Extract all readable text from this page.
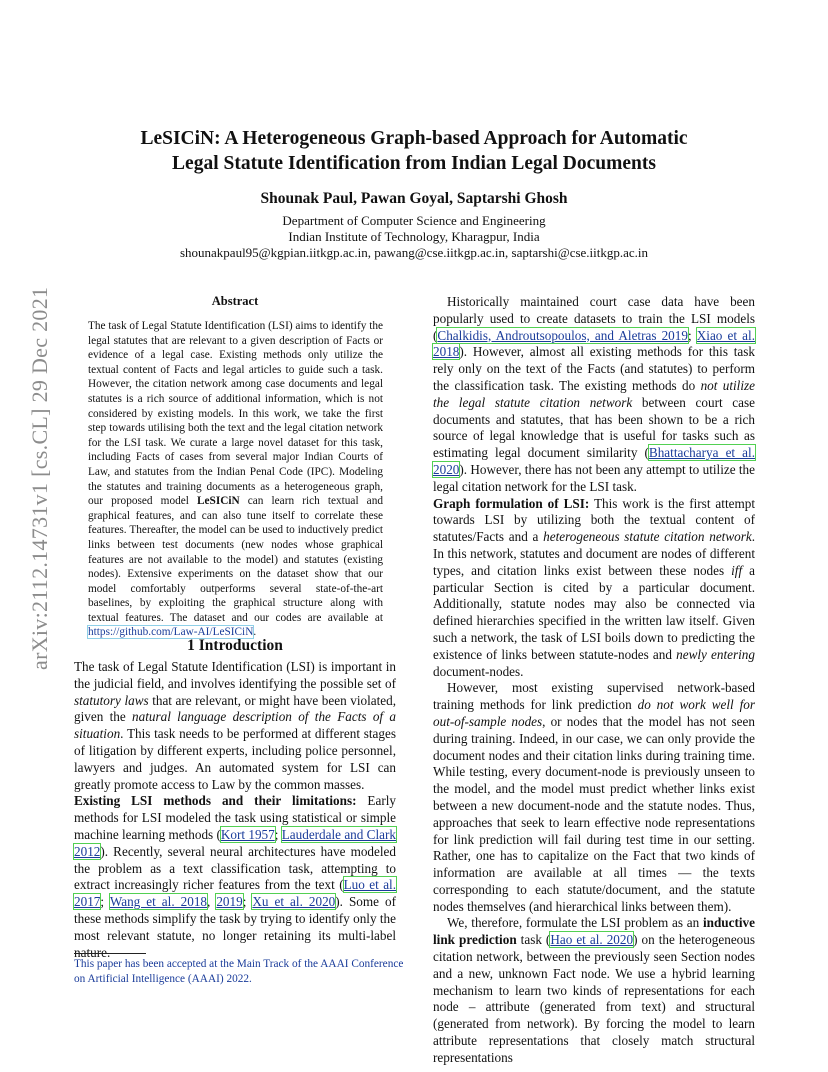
LeSICiN: A Heterogeneous Graph-based Approach for Automatic
Legal Statute Identification from Indian Legal Documents

Shounak Paul, Pawan Goyal, Saptarshi Ghosh

Department of Computer Science and Engineering
Indian Institute of Technology, Kharagpur, India
shounakpaul95@kgpian.iitkgp.ac.in, pawang@cse.iitkgp.ac.in, saptarshi@cse.iitkgp.ac.in
arXiv:2112.14731v1 [cs.CL] 29 Dec 2021	Abstract

The task of Legal Statute Identification (LSI) aims to identify the legal statutes that are relevant to a given description of Facts or evidence of a legal case. Existing methods only utilize the textual content of Facts and legal articles to guide such a task. However, the citation network among case documents and legal statutes is a rich source of additional information, which is not considered by existing models. In this work, we take the first step towards utilising both the text and the legal citation network for the LSI task. We curate a large novel dataset for this task, including Facts of cases from several major Indian Courts of Law, and statutes from the Indian Penal Code (IPC). Modeling the statutes and training documents as a heterogeneous graph, our proposed model LeSICiN can learn rich textual and graphical features, and can also tune itself to correlate these features. Thereafter, the model can be used to inductively predict links between test documents (new nodes whose graphical features are not available to the model) and statutes (existing nodes). Extensive experiments on the dataset show that our model comfortably outperforms several state-of-the-art baselines, by exploiting the graphical structure along with textual features. The dataset and our codes are available at https://github.com/Law-AI/LeSICiN.

1 Introduction

The task of Legal Statute Identification (LSI) is important in the judicial field, and involves identifying the possible set of statutory laws that are relevant, or might have been violated, given the natural language description of the Facts of a situation. This task needs to be performed at different stages of litigation by different experts, including police personnel, lawyers and judges. An automated system for LSI can greatly promote access to Law by the common masses.

Existing LSI methods and their limitations: Early methods for LSI modeled the task using statistical or simple machine learning methods (Kort 1957; Lauderdale and Clark 2012). Recently, several neural architectures have modeled the problem as a text classification task, attempting to extract increasingly richer features from the text (Luo et al. 2017; Wang et al. 2018, 2019; Xu et al. 2020). Some of these methods simplify the task by trying to identify only the most relevant statute, no longer retaining its multi-label nature.

This paper has been accepted at the Main Track of the AAAI Conference on Artificial Intelligence (AAAI) 2022.

Historically maintained court case data have been popularly used to create datasets to train the LSI models (Chalkidis, Androutsopoulos, and Aletras 2019; Xiao et al. 2018). However, almost all existing methods for this task rely only on the text of the Facts (and statutes) to perform the classification task. The existing methods do not utilize the legal statute citation network between court case documents and statutes, that has been shown to be a rich source of legal knowledge that is useful for tasks such as estimating legal document similarity (Bhattacharya et al. 2020). However, there has not been any attempt to utilize the legal citation network for the LSI task.

Graph formulation of LSI: This work is the first attempt towards LSI by utilizing both the textual content of statutes/Facts and a heterogeneous statute citation network. In this network, statutes and document are nodes of different types, and citation links exist between these nodes iff a particular Section is cited by a particular document. Additionally, statute nodes may also be connected via defined hierarchies specified in the written law itself. Given such a network, the task of LSI boils down to predicting the existence of links between statute-nodes and newly entering document-nodes.

However, most existing supervised network-based training methods for link prediction do not work well for out-of-sample nodes, or nodes that the model has not seen during training. Indeed, in our case, we can only provide the document nodes and their citation links during training time. While testing, every document-node is previously unseen to the model, and the model must predict whether links exist between a new document-node and the statute nodes. Thus, approaches that seek to learn effective node representations for link prediction will fail during test time in our setting. Rather, one has to capitalize on the Fact that two kinds of information are available at all times — the texts corresponding to each statute/document, and the statute nodes themselves (and hierarchical links between them).

We, therefore, formulate the LSI problem as an inductive link prediction task (Hao et al. 2020) on the heterogeneous citation network, between the previously seen Section nodes and a new, unknown Fact node. We use a hybrid learning mechanism to learn two kinds of representations for each node – attribute (generated from text) and structural (generated from network). By forcing the model to learn attribute representations that closely match structural representations
